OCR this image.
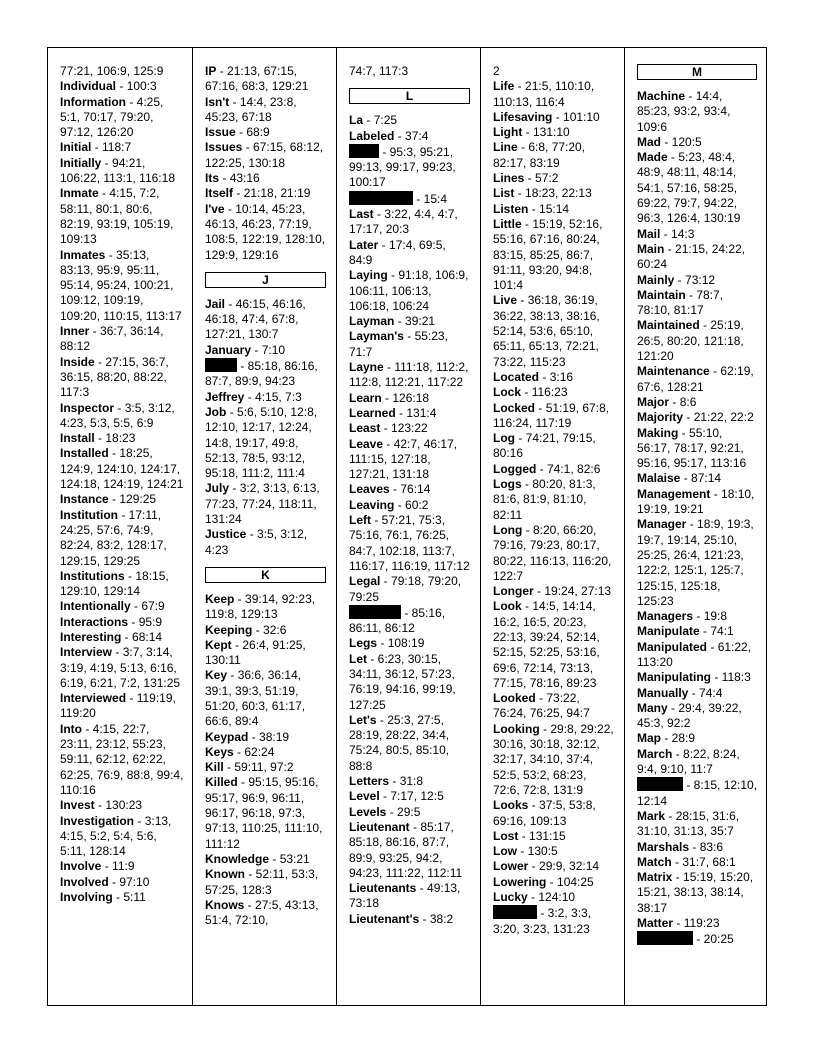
77:21, 106:9, 125:9
Individual - 100:3
Information - 4:25, 5:1, 70:17, 79:20, 97:12, 126:20
Initial - 118:7
Initially - 94:21, 106:22, 113:1, 116:18
Inmate - 4:15, 7:2, 58:11, 80:1, 80:6, 82:19, 93:19, 105:19, 109:13
Inmates - 35:13, 83:13, 95:9, 95:11, 95:14, 95:24, 100:21, 109:12, 109:19, 109:20, 110:15, 113:17
Inner - 36:7, 36:14, 88:12
Inside - 27:15, 36:7, 36:15, 88:20, 88:22, 117:3
Inspector - 3:5, 3:12, 4:23, 5:3, 5:5, 6:9
Install - 18:23
Installed - 18:25, 124:9, 124:10, 124:17, 124:18, 124:19, 124:21
Instance - 129:25
Institution - 17:11, 24:25, 57:6, 74:9, 82:24, 83:2, 128:17, 129:15, 129:25
Institutions - 18:15, 129:10, 129:14
Intentionally - 67:9
Interactions - 95:9
Interesting - 68:14
Interview - 3:7, 3:14, 3:19, 4:19, 5:13, 6:16, 6:19, 6:21, 7:2, 131:25
Interviewed - 119:19, 119:20
Into - 4:15, 22:7, 23:11, 23:12, 55:23, 59:11, 62:12, 62:22, 62:25, 76:9, 88:8, 99:4, 110:16
Invest - 130:23
Investigation - 3:13, 4:15, 5:2, 5:4, 5:6, 5:11, 128:14
Involve - 11:9
Involved - 97:10
Involving - 5:11
IP - 21:13, 67:15, 67:16, 68:3, 129:21
Isn't - 14:4, 23:8, 45:23, 67:18
Issue - 68:9
Issues - 67:15, 68:12, 122:25, 130:18
Its - 43:16
Itself - 21:18, 21:19
I've - 10:14, 45:23, 46:13, 46:23, 77:19, 108:5, 122:19, 128:10, 129:9, 129:16
J
Jail - 46:15, 46:16, 46:18, 47:4, 67:8, 127:21, 130:7
January - 7:10
- 85:18, 86:16, 87:7, 89:9, 94:23
Jeffrey - 4:15, 7:3
Job - 5:6, 5:10, 12:8, 12:10, 12:17, 12:24, 14:8, 19:17, 49:8, 52:13, 78:5, 93:12, 95:18, 111:2, 111:4
July - 3:2, 3:13, 6:13, 77:23, 77:24, 118:11, 131:24
Justice - 3:5, 3:12, 4:23
K
Keep - 39:14, 92:23, 119:8, 129:13
Keeping - 32:6
Kept - 26:4, 91:25, 130:11
Key - 36:6, 36:14, 39:1, 39:3, 51:19, 51:20, 60:3, 61:17, 66:6, 89:4
Keypad - 38:19
Keys - 62:24
Kill - 59:11, 97:2
Killed - 95:15, 95:16, 95:17, 96:9, 96:11, 96:17, 96:18, 97:3, 97:13, 110:25, 111:10, 111:12
Knowledge - 53:21
Known - 52:11, 53:3, 57:25, 128:3
Knows - 27:5, 43:13, 51:4, 72:10,
74:7, 117:3
L
La - 7:25
Labeled - 37:4
- 95:3, 95:21, 99:13, 99:17, 99:23, 100:17
- 15:4
Last - 3:22, 4:4, 4:7, 17:17, 20:3
Later - 17:4, 69:5, 84:9
Laying - 91:18, 106:9, 106:11, 106:13, 106:18, 106:24
Layman - 39:21
Layman's - 55:23, 71:7
Layne - 111:18, 112:2, 112:8, 112:21, 117:22
Learn - 126:18
Learned - 131:4
Least - 123:22
Leave - 42:7, 46:17, 111:15, 127:18, 127:21, 131:18
Leaves - 76:14
Leaving - 60:2
Left - 57:21, 75:3, 75:16, 76:1, 76:25, 84:7, 102:18, 113:7, 116:17, 116:19, 117:12
Legal - 79:18, 79:20, 79:25
- 85:16, 86:11, 86:12
Legs - 108:19
Let - 6:23, 30:15, 34:11, 36:12, 57:23, 76:19, 94:16, 99:19, 127:25
Let's - 25:3, 27:5, 28:19, 28:22, 34:4, 75:24, 80:5, 85:10, 88:8
Letters - 31:8
Level - 7:17, 12:5
Levels - 29:5
Lieutenant - 85:17, 85:18, 86:16, 87:7, 89:9, 93:25, 94:2, 94:23, 111:22, 112:11
Lieutenants - 49:13, 73:18
Lieutenant's - 38:2
2
Life - 21:5, 110:10, 110:13, 116:4
Lifesaving - 101:10
Light - 131:10
Line - 6:8, 77:20, 82:17, 83:19
Lines - 57:2
List - 18:23, 22:13
Listen - 15:14
Little - 15:19, 52:16, 55:16, 67:16, 80:24, 83:15, 85:25, 86:7, 91:11, 93:20, 94:8, 101:4
Live - 36:18, 36:19, 36:22, 38:13, 38:16, 52:14, 53:6, 65:10, 65:11, 65:13, 72:21, 73:22, 115:23
Located - 3:16
Lock - 116:23
Locked - 51:19, 67:8, 116:24, 117:19
Log - 74:21, 79:15, 80:16
Logged - 74:1, 82:6
Logs - 80:20, 81:3, 81:6, 81:9, 81:10, 82:11
Long - 8:20, 66:20, 79:16, 79:23, 80:17, 80:22, 116:13, 116:20, 122:7
Longer - 19:24, 27:13
Look - 14:5, 14:14, 16:2, 16:5, 20:23, 22:13, 39:24, 52:14, 52:15, 52:25, 53:16, 69:6, 72:14, 73:13, 77:15, 78:16, 89:23
Looked - 73:22, 76:24, 76:25, 94:7
Looking - 29:8, 29:22, 30:16, 30:18, 32:12, 32:17, 34:10, 37:4, 52:5, 53:2, 68:23, 72:6, 72:8, 131:9
Looks - 37:5, 53:8, 69:16, 109:13
Lost - 131:15
Low - 130:5
Lower - 29:9, 32:14
Lowering - 104:25
Lucky - 124:10
- 3:2, 3:3, 3:20, 3:23, 131:23
M
Machine - 14:4, 85:23, 93:2, 93:4, 109:6
Mad - 120:5
Made - 5:23, 48:4, 48:9, 48:11, 48:14, 54:1, 57:16, 58:25, 69:22, 79:7, 94:22, 96:3, 126:4, 130:19
Mail - 14:3
Main - 21:15, 24:22, 60:24
Mainly - 73:12
Maintain - 78:7, 78:10, 81:17
Maintained - 25:19, 26:5, 80:20, 121:18, 121:20
Maintenance - 62:19, 67:6, 128:21
Major - 8:6
Majority - 21:22, 22:2
Making - 55:10, 56:17, 78:17, 92:21, 95:16, 95:17, 113:16
Malaise - 87:14
Management - 18:10, 19:19, 19:21
Manager - 18:9, 19:3, 19:7, 19:14, 25:10, 25:25, 26:4, 121:23, 122:2, 125:1, 125:7, 125:15, 125:18, 125:23
Managers - 19:8
Manipulate - 74:1
Manipulated - 61:22, 113:20
Manipulating - 118:3
Manually - 74:4
Many - 29:4, 39:22, 45:3, 92:2
Map - 28:9
March - 8:22, 8:24, 9:4, 9:10, 11:7
- 8:15, 12:10, 12:14
Mark - 28:15, 31:6, 31:10, 31:13, 35:7
Marshals - 83:6
Match - 31:7, 68:1
Matrix - 15:19, 15:20, 15:21, 38:13, 38:14, 38:17
Matter - 119:23
- 20:25
